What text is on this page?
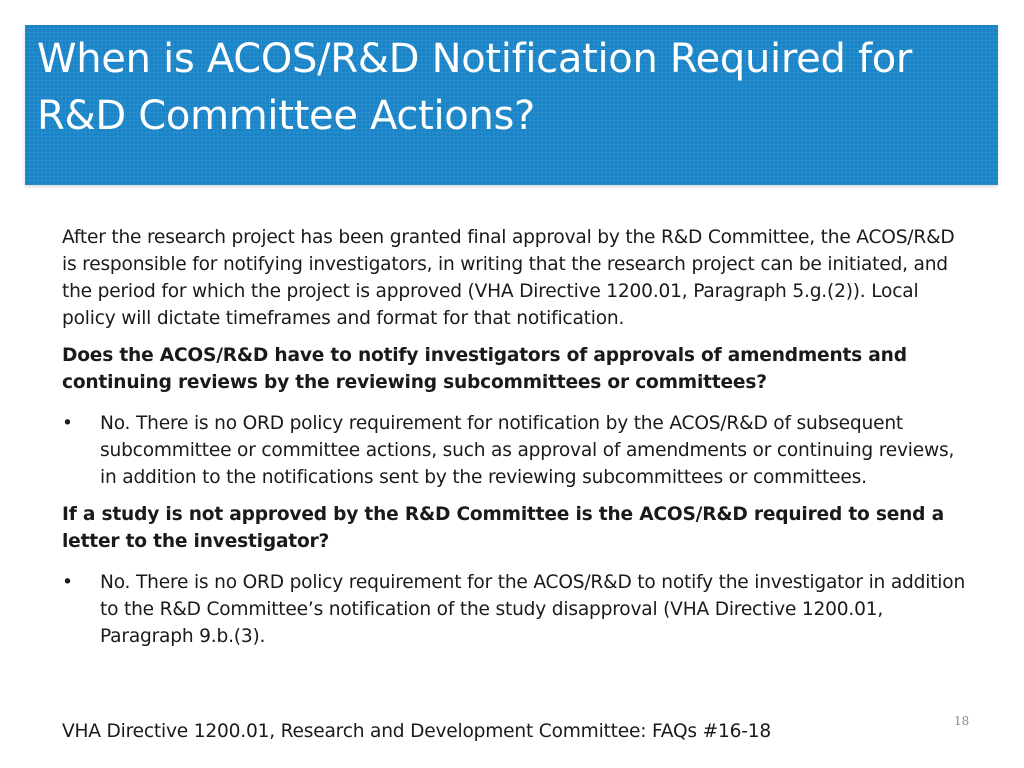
When is ACOS/R&D Notification Required for R&D Committee Actions?

After the research project has been granted final approval by the R&D Committee, the ACOS/R&D is responsible for notifying investigators, in writing that the research project can be initiated, and the period for which the project is approved (VHA Directive 1200.01, Paragraph 5.g.(2)). Local policy will dictate timeframes and format for that notification.

Does the ACOS/R&D have to notify investigators of approvals of amendments and continuing reviews by the reviewing subcommittees or committees?

• No. There is no ORD policy requirement for notification by the ACOS/R&D of subsequent subcommittee or committee actions, such as approval of amendments or continuing reviews, in addition to the notifications sent by the reviewing subcommittees or committees.

If a study is not approved by the R&D Committee is the ACOS/R&D required to send a letter to the investigator?

• No. There is no ORD policy requirement for the ACOS/R&D to notify the investigator in addition to the R&D Committee’s notification of the study disapproval (VHA Directive 1200.01, Paragraph 9.b.(3).
VHA Directive 1200.01, Research and Development Committee: FAQs #16-18	18
